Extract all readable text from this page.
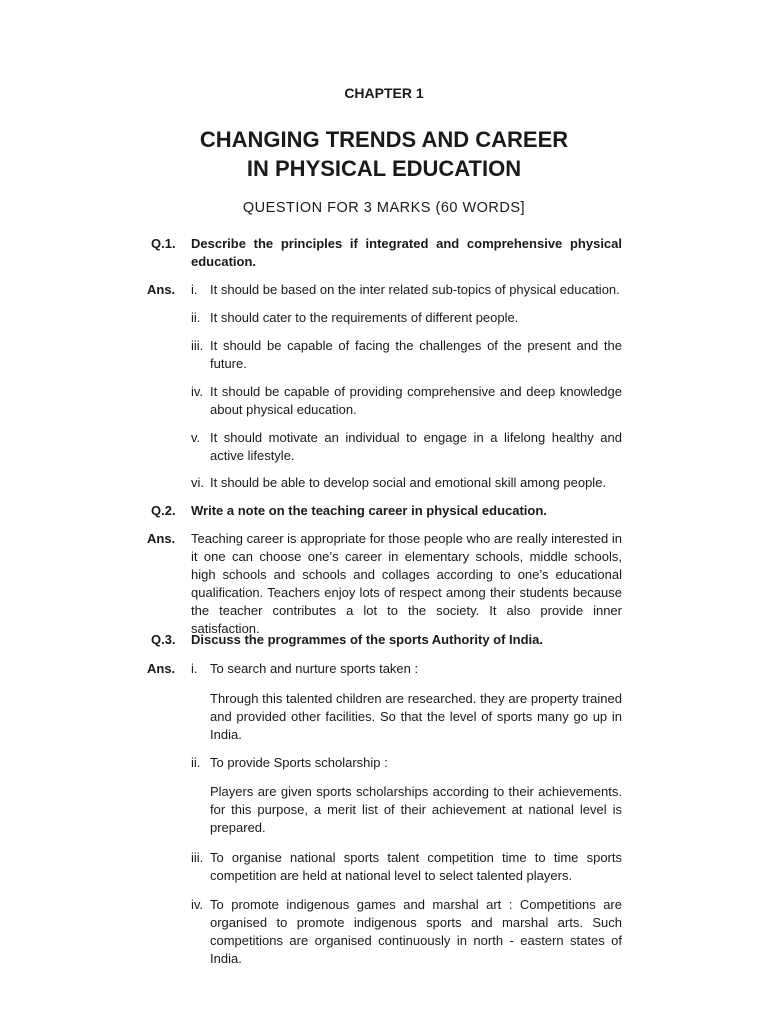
CHAPTER 1
CHANGING TRENDS AND CAREER
IN PHYSICAL EDUCATION
QUESTION FOR 3 MARKS (60 WORDS]
Q.1. Describe the principles if integrated and comprehensive physical education.
Ans. i. It should be based on the inter related sub-topics of physical education.
ii. It should cater to the requirements of different people.
iii. It should be capable of facing the challenges of the present and the future.
iv. It should be capable of providing comprehensive and deep knowledge about physical education.
v. It should motivate an individual to engage in a lifelong healthy and active lifestyle.
vi. It should be able to develop social and emotional skill among people.
Q.2. Write a note on the teaching career in physical education.
Ans. Teaching career is appropriate for those people who are really interested in it one can choose one’s career in elementary schools, middle schools, high schools and schools and collages according to one’s educational qualification. Teachers enjoy lots of respect among their students because the teacher contributes a lot to the society. It also provide inner satisfaction.
Q.3. Discuss the programmes of the sports Authority of India.
Ans. i. To search and nurture sports taken :
Through this talented children are researched. they are property trained and provided other facilities. So that the level of sports many go up in India.
ii. To provide Sports scholarship :
Players are given sports scholarships according to their achievements. for this purpose, a merit list of their achievement at national level is prepared.
iii. To organise national sports talent competition time to time sports competition are held at national level to select talented players.
iv. To promote indigenous games and marshal art : Competitions are organised to promote indigenous sports and marshal arts. Such competitions are organised continuously in north - eastern states of India.
